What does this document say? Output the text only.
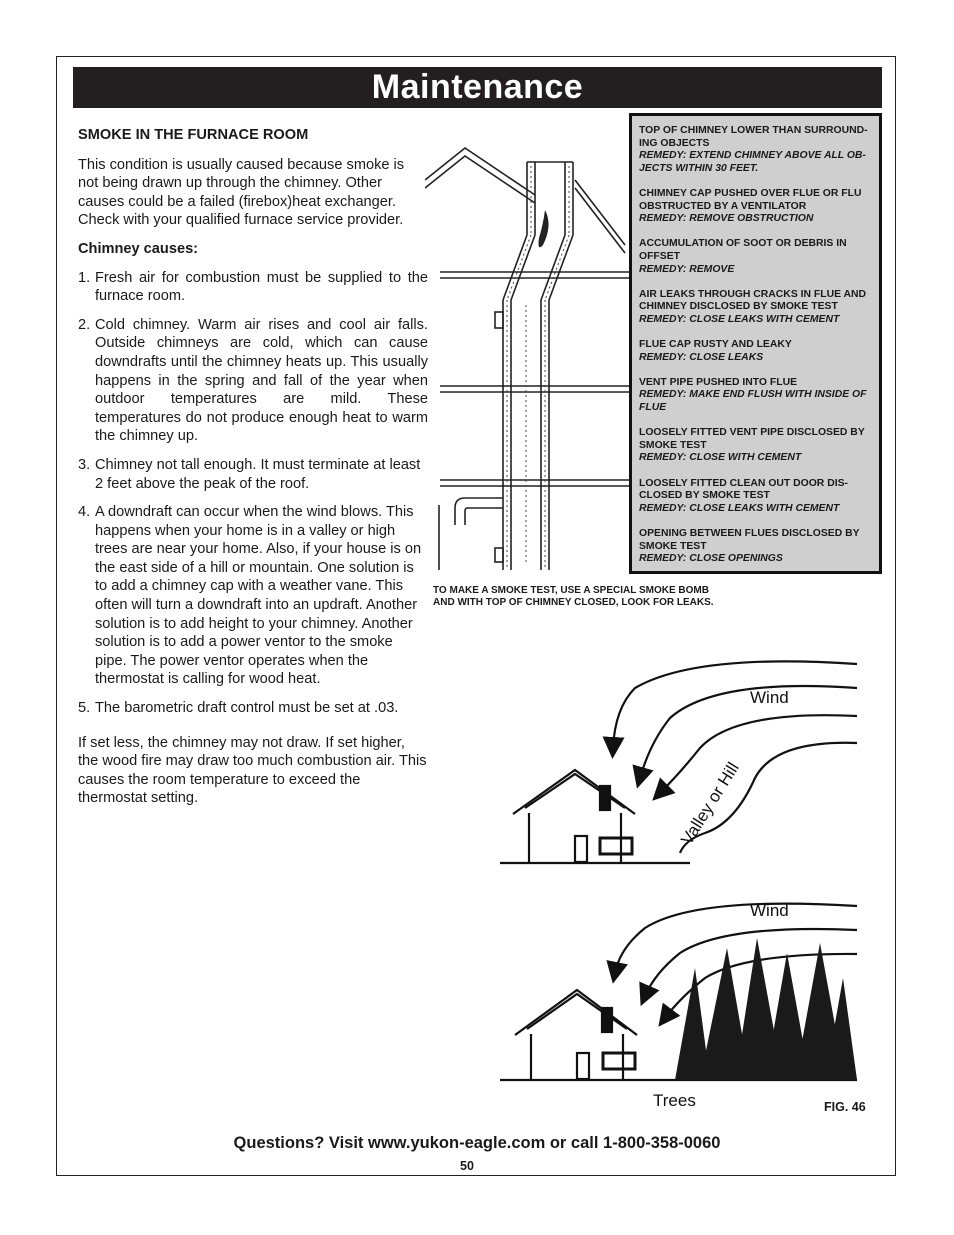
Maintenance

SMOKE IN THE FURNACE ROOM

This condition is usually caused because smoke is not being drawn up through the chimney. Other causes could be a failed (firebox)heat exchanger. Check with your qualified furnace service provider.

Chimney causes:

1. Fresh air for combustion must be supplied to the furnace room.
2. Cold chimney. Warm air rises and cool air falls. Outside chimneys are cold, which can cause downdrafts until the chimney heats up. This usually happens in the spring and fall of the year when outdoor temperatures are mild. These temperatures do not produce enough heat to warm the chimney up.
3. Chimney not tall enough. It must terminate at least 2 feet above the peak of the roof.
4. A downdraft can occur when the wind blows. This happens when your home is in a valley or high trees are near your home. Also, if your house is on the east side of a hill or mountain. One solution is to add a chimney cap with a weather vane. This often will turn a downdraft into an updraft. Another solution is to add height to your chimney. Another solution is to add a power ventor to the smoke pipe. The power ventor operates when the thermostat is calling for wood heat.
5. The barometric draft control must be set at .03.

If set less, the chimney may not draw. If set higher, the wood fire may draw too much combustion air. This causes the room temperature to exceed the thermostat setting.

TOP OF CHIMNEY LOWER THAN SURROUND-ING OBJECTS
REMEDY: EXTEND CHIMNEY ABOVE ALL OB-JECTS WITHIN 30 FEET.
CHIMNEY CAP PUSHED OVER FLUE OR FLU OBSTRUCTED BY A VENTILATOR
REMEDY: REMOVE OBSTRUCTION
ACCUMULATION OF SOOT OR DEBRIS IN OFFSET
REMEDY: REMOVE
AIR LEAKS THROUGH CRACKS IN FLUE AND CHIMNEY DISCLOSED BY SMOKE TEST
REMEDY: CLOSE LEAKS WITH CEMENT
FLUE CAP RUSTY AND LEAKY
REMEDY: CLOSE LEAKS
VENT PIPE PUSHED INTO FLUE
REMEDY: MAKE END FLUSH WITH INSIDE OF FLUE
LOOSELY FITTED VENT PIPE DISCLOSED BY SMOKE TEST
REMEDY: CLOSE WITH CEMENT
LOOSELY FITTED CLEAN OUT DOOR DIS-CLOSED BY SMOKE TEST
REMEDY: CLOSE LEAKS WITH CEMENT
OPENING BETWEEN FLUES DISCLOSED BY SMOKE TEST
REMEDY: CLOSE OPENINGS
TO MAKE A SMOKE TEST, USE A SPECIAL SMOKE BOMB
AND WITH TOP OF CHIMNEY CLOSED, LOOK FOR LEAKS.
Wind
Wind
Valley or Hill
Trees	FIG. 46
Questions? Visit www.yukon-eagle.com or call 1-800-358-0060
50
